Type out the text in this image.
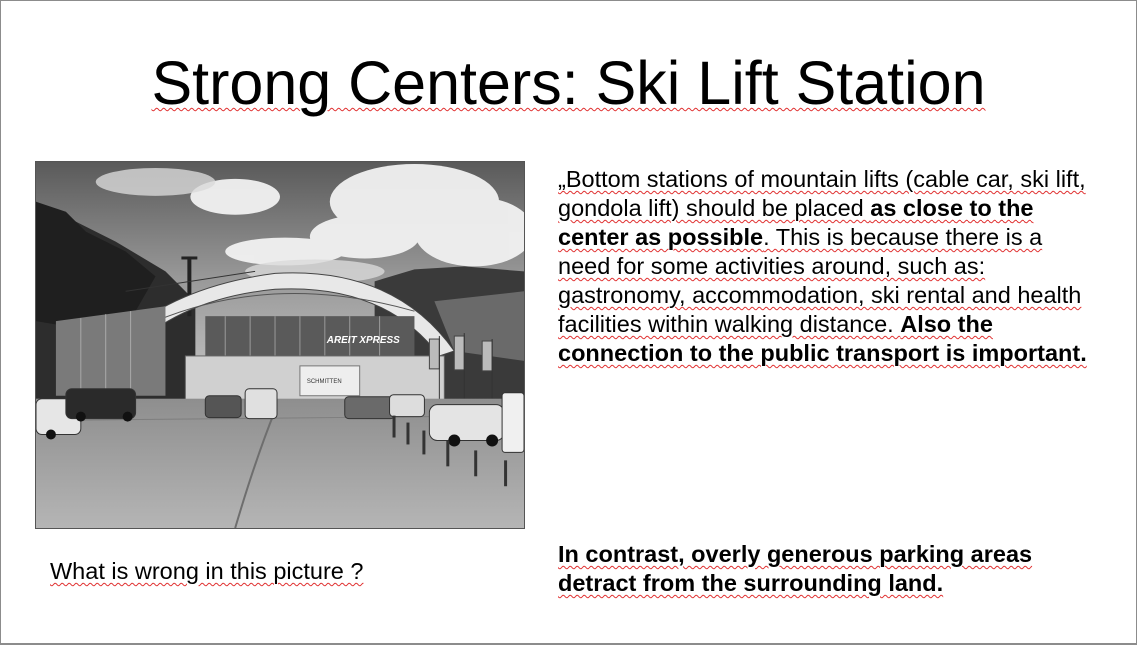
Strong Centers: Ski Lift Station
AREIT XPRESS
SCHMITTEN
„Bottom stations of mountain lifts (cable car, ski lift, gondola lift) should be placed as close to the center as possible. This is because there is a need for some activities around, such as: gastronomy, accommodation, ski rental and health facilities within walking distance. Also the connection to the public transport is important.
What is wrong in this picture ?
In contrast, overly generous parking areas detract from the surrounding land.
